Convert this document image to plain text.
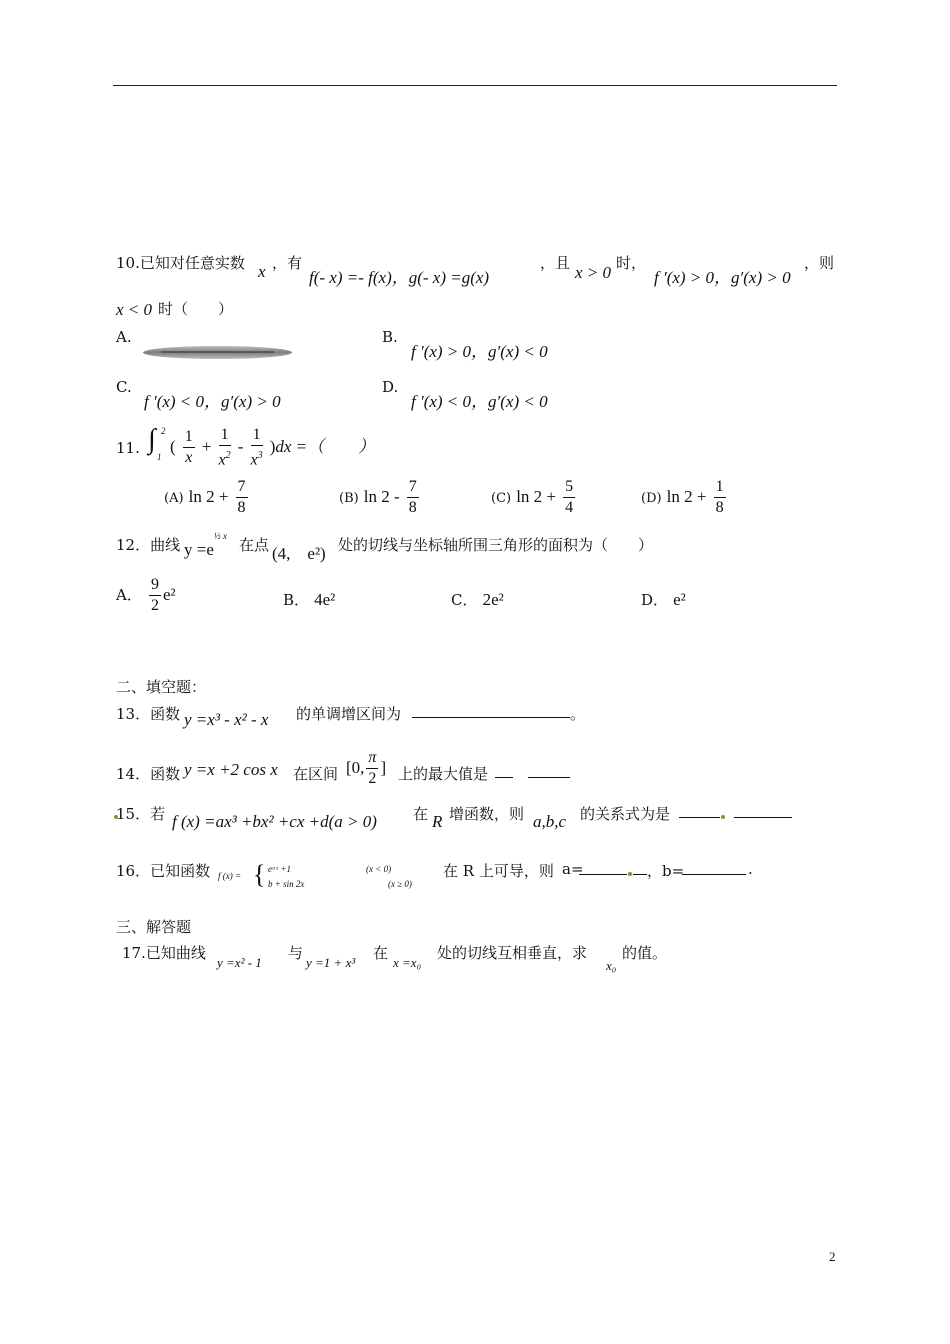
10.已知对任意实数 x ，有
f(- x) =- f(x)，g(- x) =g(x)
，且 x > 0 时，
f ′(x) > 0，g′(x) > 0
，则
x < 0 时（　　）
A.	B.
f ′(x) > 0，g′(x) < 0
C.
f ′(x) < 0，g′(x) > 0
D.
f ′(x) < 0，g′(x) < 0
11. ∫ 2
1
( $\frac{1}{x} + \frac{1}{x^2} - \frac{1}{x^3} )dx$ =（　　）
(A) $\ln 2 + \frac{7}{8}$	(B) $\ln 2 - \frac{7}{8}$	(C) $\ln 2 + \frac{5}{4}$	(D) $\ln 2 + \frac{1}{8}$
12．曲线 $y =e^{\frac{1}{2} x}$ 在点 (4,　e²) 处的切线与坐标轴所围三角形的面积为（　　）
A． $\frac{9}{2} e^2$	B． 4e²	C． 2e²	D． e²
二、填空题：
13．函数 y =x³ - x² - x 的单调增区间为	。
14．函数 y =x +2 cos x 在区间 [0, $\frac{\pi}{2}$ ] 上的最大值是
15．若 f (x) =ax³ +bx² +cx +d(a > 0) 在 R 增函数，则 a,b,c 的关系式为是
16．已知函数 f (x) = { eᵃˣ +1	(x < 0)
b + sin 2x	(x ≥ 0)
在 R 上可导，则 a=	，b=	.
三、解答题
17.已知曲线
y =x² - 1
与
y =1 + x³
在
x =x₀
处的切线互相垂直，求
x₀
的值。
2
